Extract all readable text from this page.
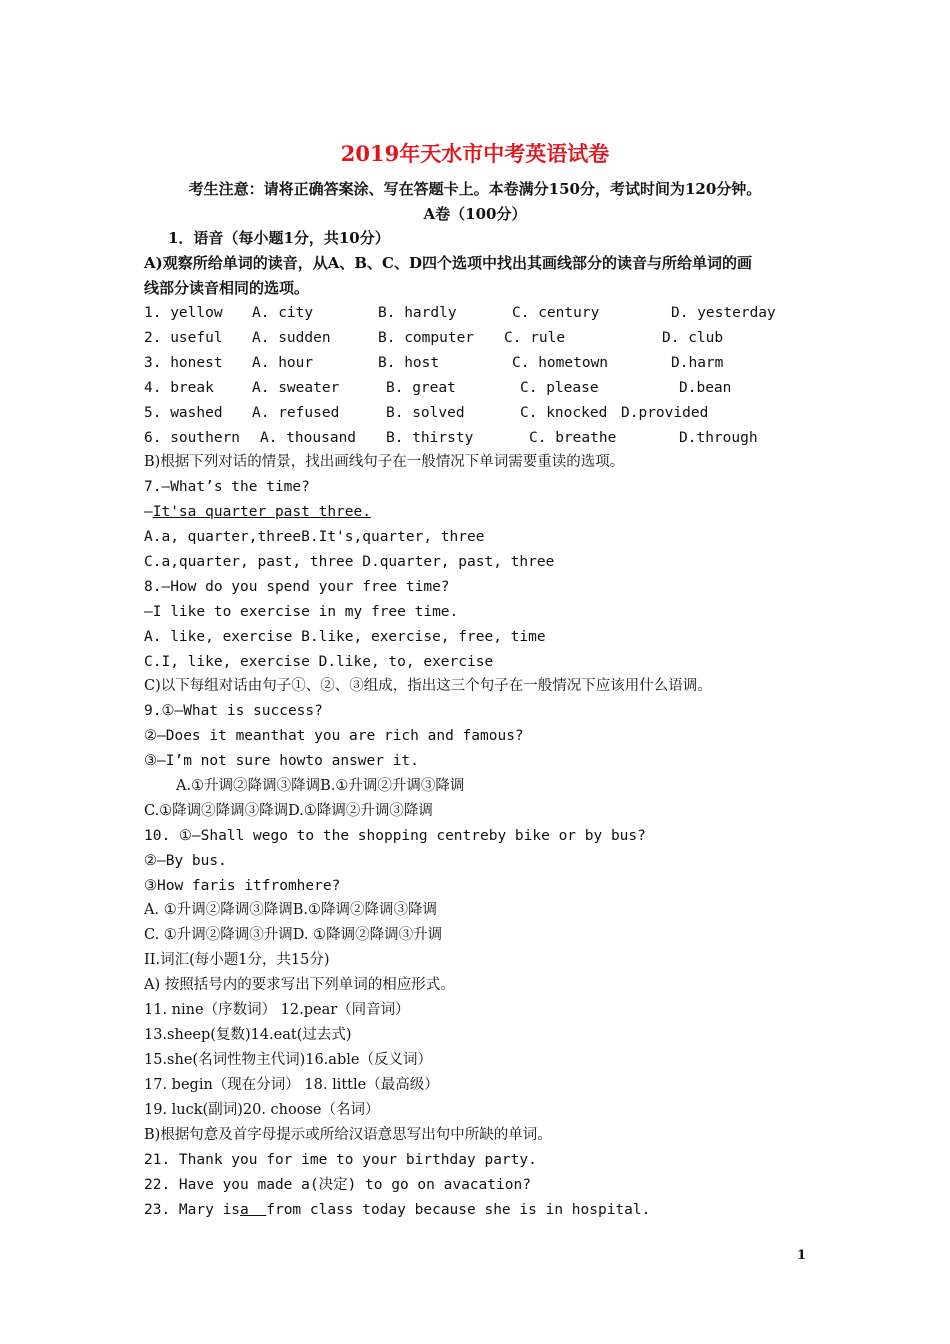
2019年天水市中考英语试卷
考生注意：请将正确答案涂、写在答题卡上。本卷满分150分，考试时间为120分钟。
A卷（100分）
1．语音（每小题1分，共10分）
A)观察所给单词的读音，从A、B、C、D四个选项中找出其画线部分的读音与所给单词的画
线部分读音相同的选项。
1. yellow A. city	B. hardly	C. century	D. yesterday
2. useful A. sudden	B. computer C. rule	D. club
3. honest A. hour	B. host	C. hometown	D.harm
4. break	A. sweater	B. great	C. please	D.bean
5. washed A. refused	B. solved	C. knocked D.provided
6. southern A. thousand B. thirsty	C. breathe	D.through
B)根据下列对话的情景，找出画线句子在一般情况下单词需要重读的选项。
7.—What’s the time?
—It'sa quarter past three.
A.a, quarter,threeB.It's,quarter, three
C.a,quarter, past, three D.quarter, past, three
8.—How do you spend your free time?
—I like to exercise in my free time.
A. like, exercise B.like, exercise, free, time
C.I, like, exercise D.like, to, exercise
C)以下每组对话由句子①、②、③组成，指出这三个句子在一般情况下应该用什么语调。
9.①—What is success?
②—Does it meanthat you are rich and famous?
③—I’m not sure howto answer it.
A.①升调②降调③降调B.①升调②升调③降调
C.①降调②降调③降调D.①降调②升调③降调
10. ①—Shall wego to the shopping centreby bike or by bus?
②—By bus.
③How faris itfromhere?
A. ①升调②降调③降调B.①降调②降调③降调
C. ①升调②降调③升调D. ①降调②降调③升调
II.词汇(每小题1分，共15分)
A) 按照括号内的要求写出下列单词的相应形式。
11. nine（序数词） 12.pear（同音词）
13.sheep(复数)14.eat(过去式)
15.she(名词性物主代词)16.able（反义词）
17. begin（现在分词） 18. little（最高级）
19. luck(副词)20. choose（名词）
B)根据句意及首字母提示或所给汉语意思写出句中所缺的单词。
21. Thank you for ime to your birthday party.
22. Have you made a(决定) to go on avacation?
23. Mary isa  from class today because she is in hospital.
1
